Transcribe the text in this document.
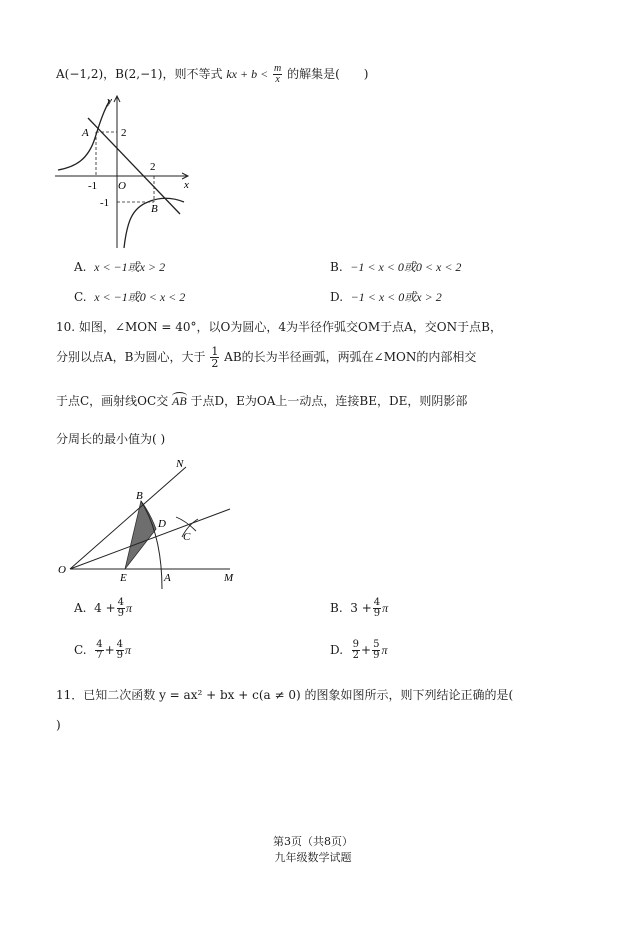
A(−1,2)，B(2,−1)，则不等式 kx + $b < \frac{m}{x}$ 的解集是(　　)
y
x
A
B
O
2
-1
2
-1
A. x < −1或x > 2	B. −1 < x < 0或0 < x < 2
C. x < −1或0 < x < 2	D. −1 < x < 0或x > 2
10. 如图，∠MON = 40°，以O为圆心，4为半径作弧交OM于点A，交ON于点B，
分别以点A，B为圆心，大于 $\frac{1}{2}$ AB的长为半径画弧，两弧在∠MON的内部相交
于点C，画射线OC交 AB 于点D，E为OA上一动点，连接BE，DE，则阴影部
分周长的最小值为( )
N
B
D
C
O
E	A	M
A. $4 + \frac{4}{9}$ π	B. $3 + \frac{4}{9}$ π
C. $\frac{4}{7} + \frac{4}{9}$ π	D. $\frac{9}{2} + \frac{5}{9}$ π
11．已知二次函数 y = ax² + bx + c(a ≠ 0) 的图象如图所示，则下列结论正确的是(
)
第3页（共8页）
九年级数学试题
